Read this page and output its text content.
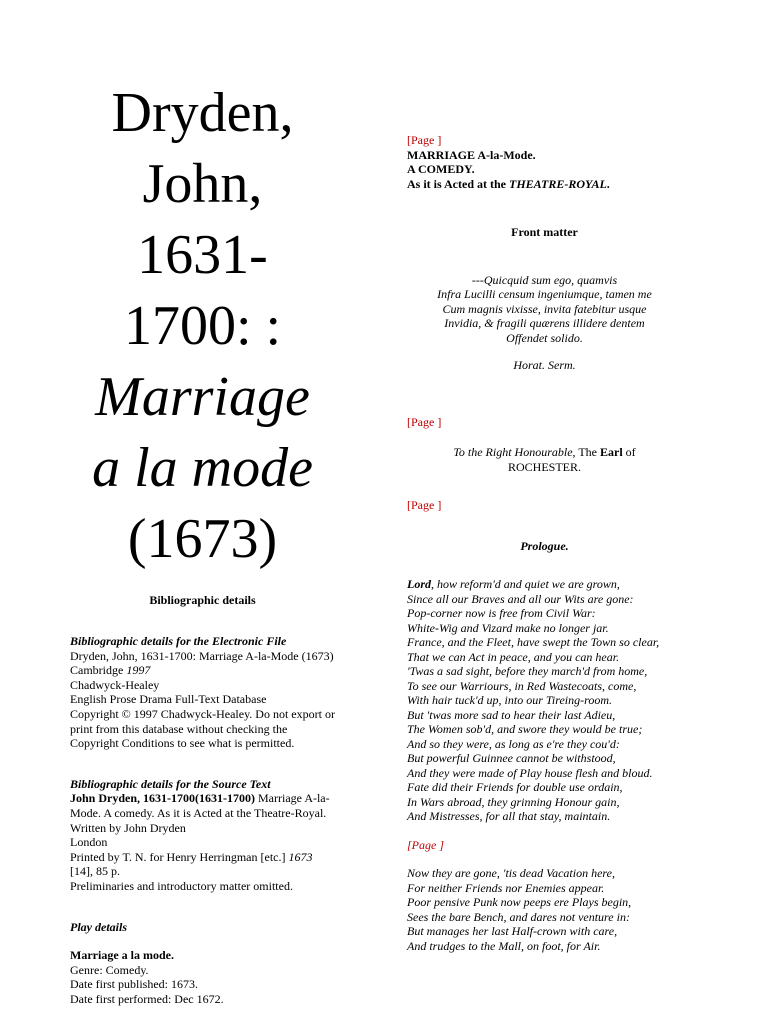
Dryden,
John,
1631-
1700: :
Marriage
a la mode
(1673)
Bibliographic details

Bibliographic details for the Electronic File

Dryden, John, 1631-1700: Marriage A-la-Mode (1673)

Cambridge 1997

Chadwyck-Healey

English Prose Drama Full-Text Database

Copyright © 1997 Chadwyck-Healey. Do not export or print from this database without checking the Copyright Conditions to see what is permitted.

Bibliographic details for the Source Text

John Dryden, 1631-1700(1631-1700) Marriage A-la-Mode. A comedy. As it is Acted at the Theatre-Royal. Written by John Dryden

London

Printed by T. N. for Henry Herringman [etc.] 1673

[14], 85 p.

Preliminaries and introductory matter omitted.

Play details

Marriage a la mode.

Genre: Comedy.

Date first published: 1673.

Date first performed: Dec 1672.

[Page ]
MARRIAGE A-la-Mode.
A COMEDY.
As it is Acted at the THEATRE-ROYAL.
Front matter
---Quicquid sum ego, quamvis
Infra Lucilli censum ingeniumque, tamen me
Cum magnis vixisse, invita fatebitur usque
Invidia, & fragili quærens illidere dentem
Offendet solido.
Horat. Serm.
[Page ]
To the Right Honourable, The Earl of
ROCHESTER.
[Page ]
Prologue.
Lord, how reform'd and quiet we are grown,
Since all our Braves and all our Wits are gone:
Pop-corner now is free from Civil War:
White-Wig and Vizard make no longer jar.
France, and the Fleet, have swept the Town so clear,
That we can Act in peace, and you can hear.
'Twas a sad sight, before they march'd from home,
To see our Warriours, in Red Wastecoats, come,
With hair tuck'd up, into our Tireing-room.
But 'twas more sad to hear their last Adieu,
The Women sob'd, and swore they would be true;
And so they were, as long as e're they cou'd:
But powerful Guinnee cannot be withstood,
And they were made of Play house flesh and bloud.
Fate did their Friends for double use ordain,
In Wars abroad, they grinning Honour gain,
And Mistresses, for all that stay, maintain.
[Page ]
Now they are gone, 'tis dead Vacation here,
For neither Friends nor Enemies appear.
Poor pensive Punk now peeps ere Plays begin,
Sees the bare Bench, and dares not venture in:
But manages her last Half-crown with care,
And trudges to the Mall, on foot, for Air.
